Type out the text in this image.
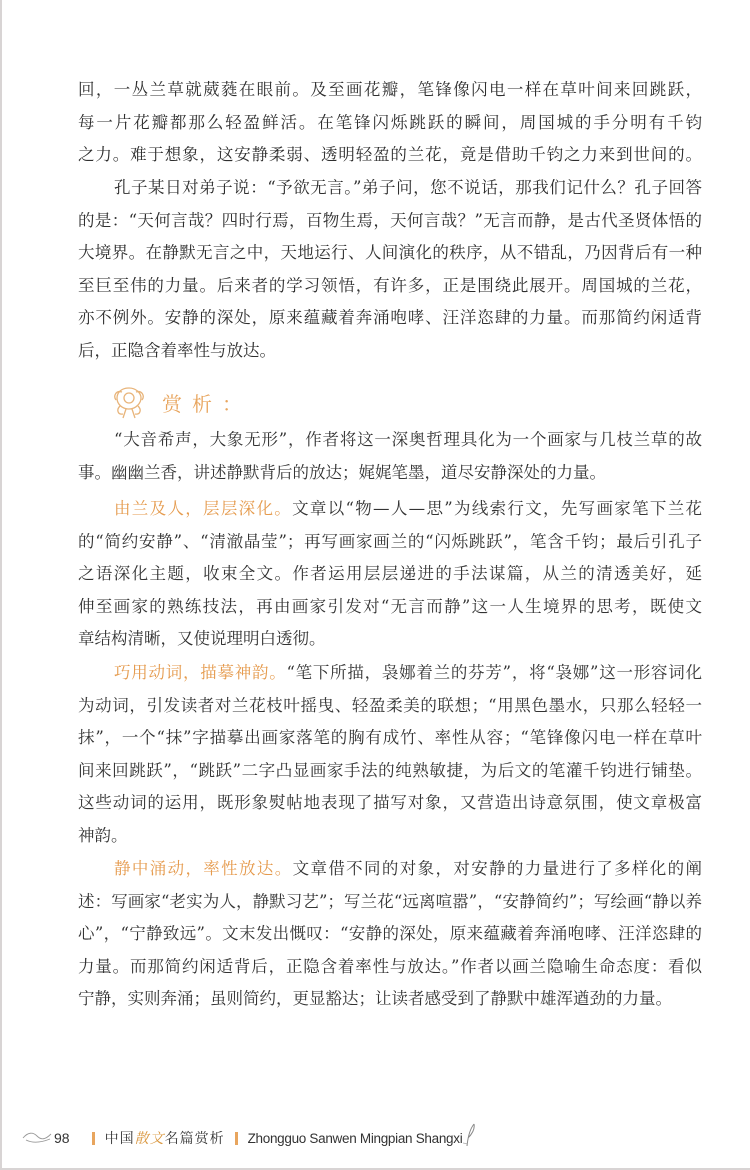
回，一丛兰草就葳蕤在眼前。及至画花瓣，笔锋像闪电一样在草叶间来回跳跃，
每一片花瓣都那么轻盈鲜活。在笔锋闪烁跳跃的瞬间，周国城的手分明有千钧
之力。难于想象，这安静柔弱、透明轻盈的兰花，竟是借助千钧之力来到世间的。
孔子某日对弟子说：“予欲无言。”弟子问，您不说话，那我们记什么？孔子回答
的是：“天何言哉？四时行焉，百物生焉，天何言哉？”无言而静，是古代圣贤体悟的
大境界。在静默无言之中，天地运行、人间演化的秩序，从不错乱，乃因背后有一种
至巨至伟的力量。后来者的学习领悟，有许多，正是围绕此展开。周国城的兰花，
亦不例外。安静的深处，原来蕴藏着奔涌咆哮、汪洋恣肆的力量。而那简约闲适背
后，正隐含着率性与放达。
赏析：
“大音希声，大象无形”，作者将这一深奥哲理具化为一个画家与几枝兰草的故
事。幽幽兰香，讲述静默背后的放达；娓娓笔墨，道尽安静深处的力量。
由兰及人，层层深化。文章以“物—人—思”为线索行文，先写画家笔下兰花
的“简约安静”、“清澈晶莹”；再写画家画兰的“闪烁跳跃”，笔含千钧；最后引孔子
之语深化主题，收束全文。作者运用层层递进的手法谋篇，从兰的清透美好，延
伸至画家的熟练技法，再由画家引发对“无言而静”这一人生境界的思考，既使文
章结构清晰，又使说理明白透彻。
巧用动词，描摹神韵。“笔下所描，袅娜着兰的芬芳”，将“袅娜”这一形容词化
为动词，引发读者对兰花枝叶摇曳、轻盈柔美的联想；“用黑色墨水，只那么轻轻一
抹”，一个“抹”字描摹出画家落笔的胸有成竹、率性从容；“笔锋像闪电一样在草叶
间来回跳跃”，“跳跃”二字凸显画家手法的纯熟敏捷，为后文的笔灌千钧进行铺垫。
这些动词的运用，既形象熨帖地表现了描写对象，又营造出诗意氛围，使文章极富
神韵。
静中涌动，率性放达。文章借不同的对象，对安静的力量进行了多样化的阐
述：写画家“老实为人，静默习艺”；写兰花“远离喧嚣”，“安静简约”；写绘画“静以养
心”，“宁静致远”。文末发出慨叹：“安静的深处，原来蕴藏着奔涌咆哮、汪洋恣肆的
力量。而那简约闲适背后，正隐含着率性与放达。”作者以画兰隐喻生命态度：看似
宁静，实则奔涌；虽则简约，更显豁达；让读者感受到了静默中雄浑遒劲的力量。
98	中国散文名篇赏析 Zhongguo Sanwen Mingpian Shangxi
